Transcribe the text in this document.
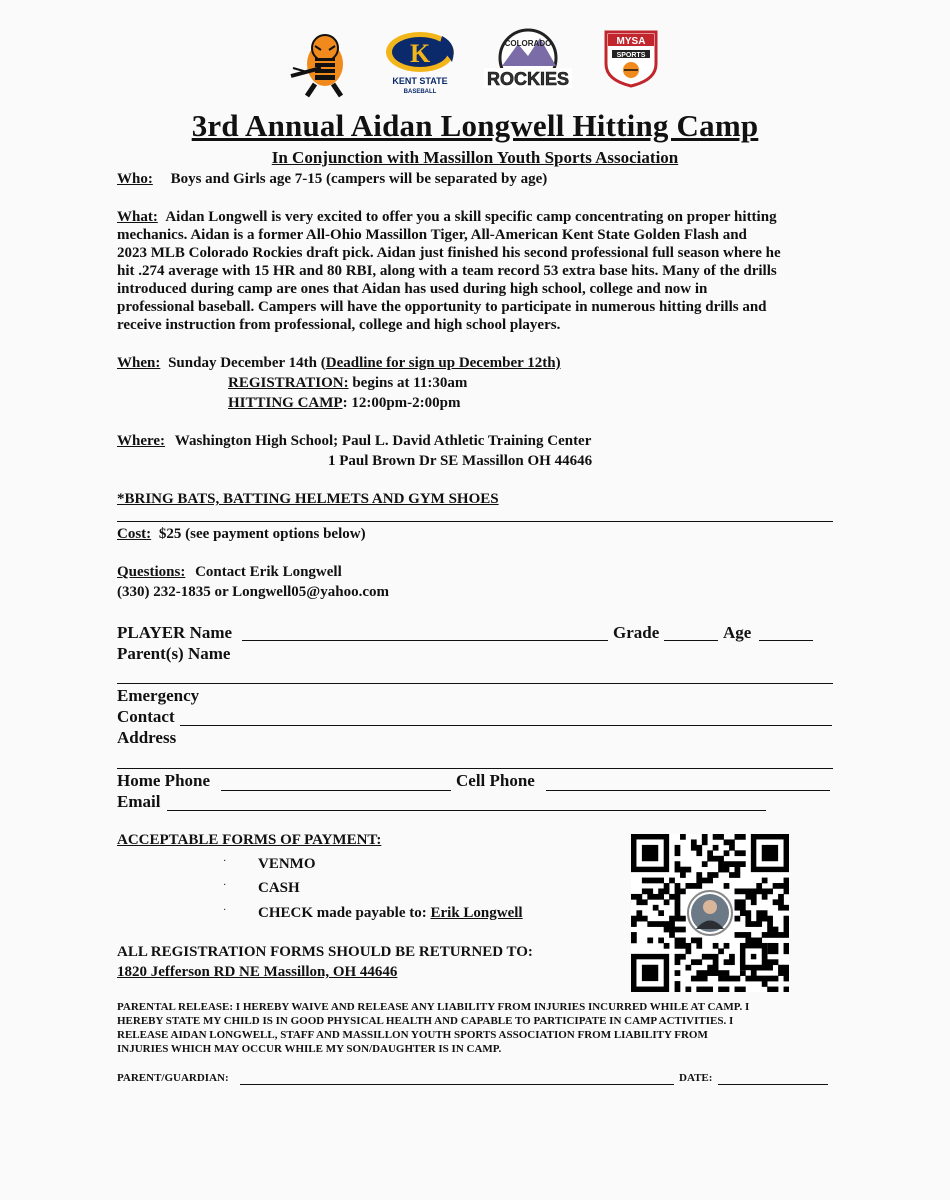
K
KENT STATE
BASEBALL
COLORADO
ROCKIES
MYSA
SPORTS
3rd Annual Aidan Longwell Hitting Camp
In Conjunction with Massillon Youth Sports Association
Who: Boys and Girls age 7-15 (campers will be separated by age)
What: Aidan Longwell is very excited to offer you a skill specific camp concentrating on proper hitting
mechanics. Aidan is a former All-Ohio Massillon Tiger, All-American Kent State Golden Flash and
2023 MLB Colorado Rockies draft pick. Aidan just finished his second professional full season where he
hit .274 average with 15 HR and 80 RBI, along with a team record 53 extra base hits. Many of the drills
introduced during camp are ones that Aidan has used during high school, college and now in
professional baseball. Campers will have the opportunity to participate in numerous hitting drills and
receive instruction from professional, college and high school players.
When: Sunday December 14th (Deadline for sign up December 12th)
REGISTRATION: begins at 11:30am
HITTING CAMP: 12:00pm-2:00pm
Where: Washington High School; Paul L. David Athletic Training Center
1 Paul Brown Dr SE Massillon OH 44646
*BRING BATS, BATTING HELMETS AND GYM SHOES
Cost: $25 (see payment options below)
Questions: Contact Erik Longwell
(330) 232-1835 or Longwell05@yahoo.com
PLAYER Name	Grade	Age
Parent(s) Name
Emergency
Contact
Address
Home Phone	Cell Phone
Email
ACCEPTABLE FORMS OF PAYMENT:
· VENMO
· CASH
· CHECK made payable to: Erik Longwell
ALL REGISTRATION FORMS SHOULD BE RETURNED TO:
1820 Jefferson RD NE Massillon, OH 44646
PARENTAL RELEASE: I HEREBY WAIVE AND RELEASE ANY LIABILITY FROM INJURIES INCURRED WHILE AT CAMP. I
HEREBY STATE MY CHILD IS IN GOOD PHYSICAL HEALTH AND CAPABLE TO PARTICIPATE IN CAMP ACTIVITIES. I
RELEASE AIDAN LONGWELL, STAFF AND MASSILLON YOUTH SPORTS ASSOCIATION FROM LIABILITY FROM
INJURIES WHICH MAY OCCUR WHILE MY SON/DAUGHTER IS IN CAMP.
PARENT/GUARDIAN:	DATE:
